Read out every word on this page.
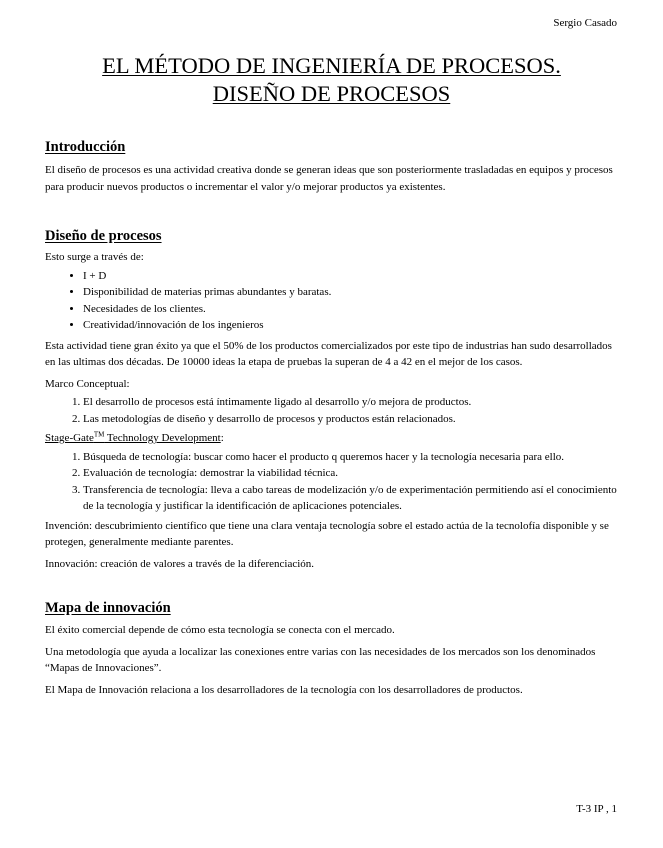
Sergio Casado
EL MÉTODO DE INGENIERÍA DE PROCESOS.
DISEÑO DE PROCESOS
Introducción

El diseño de procesos es una actividad creativa donde se generan ideas que son posteriormente trasladadas en equipos y procesos para producir nuevos productos o incrementar el valor y/o mejorar productos ya existentes.

Diseño de procesos

Esto surge a través de:

• I + D
• Disponibilidad de materias primas abundantes y baratas.
• Necesidades de los clientes.
• Creatividad/innovación de los ingenieros

Esta actividad tiene gran éxito ya que el 50% de los productos comercializados por este tipo de industrias han sudo desarrollados en las ultimas dos décadas. De 10000 ideas la etapa de pruebas la superan de 4 a 42 en el mejor de los casos.

Marco Conceptual:

1. El desarrollo de procesos está íntimamente ligado al desarrollo y/o mejora de productos.
2. Las metodologías de diseño y desarrollo de procesos y productos están relacionados.

Stage-Gate™ Technology Development:

1. Búsqueda de tecnología: buscar como hacer el producto q queremos hacer y la tecnología necesaria para ello.
2. Evaluación de tecnología: demostrar la viabilidad técnica.
3. Transferencia de tecnología: lleva a cabo tareas de modelización y/o de experimentación permitiendo así el conocimiento de la tecnología y justificar la identificación de aplicaciones potenciales.

Invención: descubrimiento científico que tiene una clara ventaja tecnología sobre el estado actúa de la tecnolofía disponible y se protegen, generalmente mediante parentes.

Innovación: creación de valores a través de la diferenciación.

Mapa de innovación

El éxito comercial depende de cómo esta tecnología se conecta con el mercado.

Una metodología que ayuda a localizar las conexiones entre varias con las necesidades de los mercados son los denominados “Mapas de Innovaciones”.

El Mapa de Innovación relaciona a los desarrolladores de la tecnología con los desarrolladores de productos.

T-3 IP , 1
